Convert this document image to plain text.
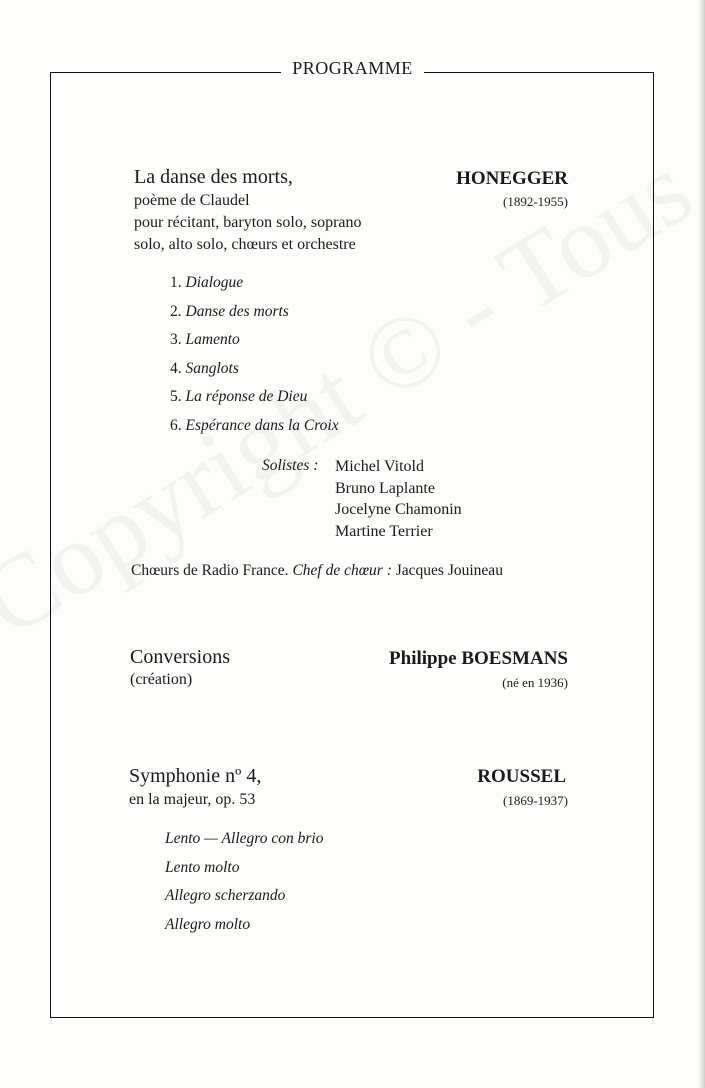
PROGRAMME
La danse des morts,
poème de Claudel
pour récitant, baryton solo, soprano
solo, alto solo, chœurs et orchestre
HONEGGER
(1892-1955)
1. Dialogue
2. Danse des morts
3. Lamento
4. Sanglots
5. La réponse de Dieu
6. Espérance dans la Croix
Solistes : Michel Vitold
Bruno Laplante
Jocelyne Chamonin
Martine Terrier
Chœurs de Radio France. Chef de chœur : Jacques Jouineau
Conversions
(création)
Philippe BOESMANS
(né en 1936)
Symphonie nº 4,
en la majeur, op. 53
ROUSSEL
(1869-1937)
Lento — Allegro con brio
Lento molto
Allegro scherzando
Allegro molto
